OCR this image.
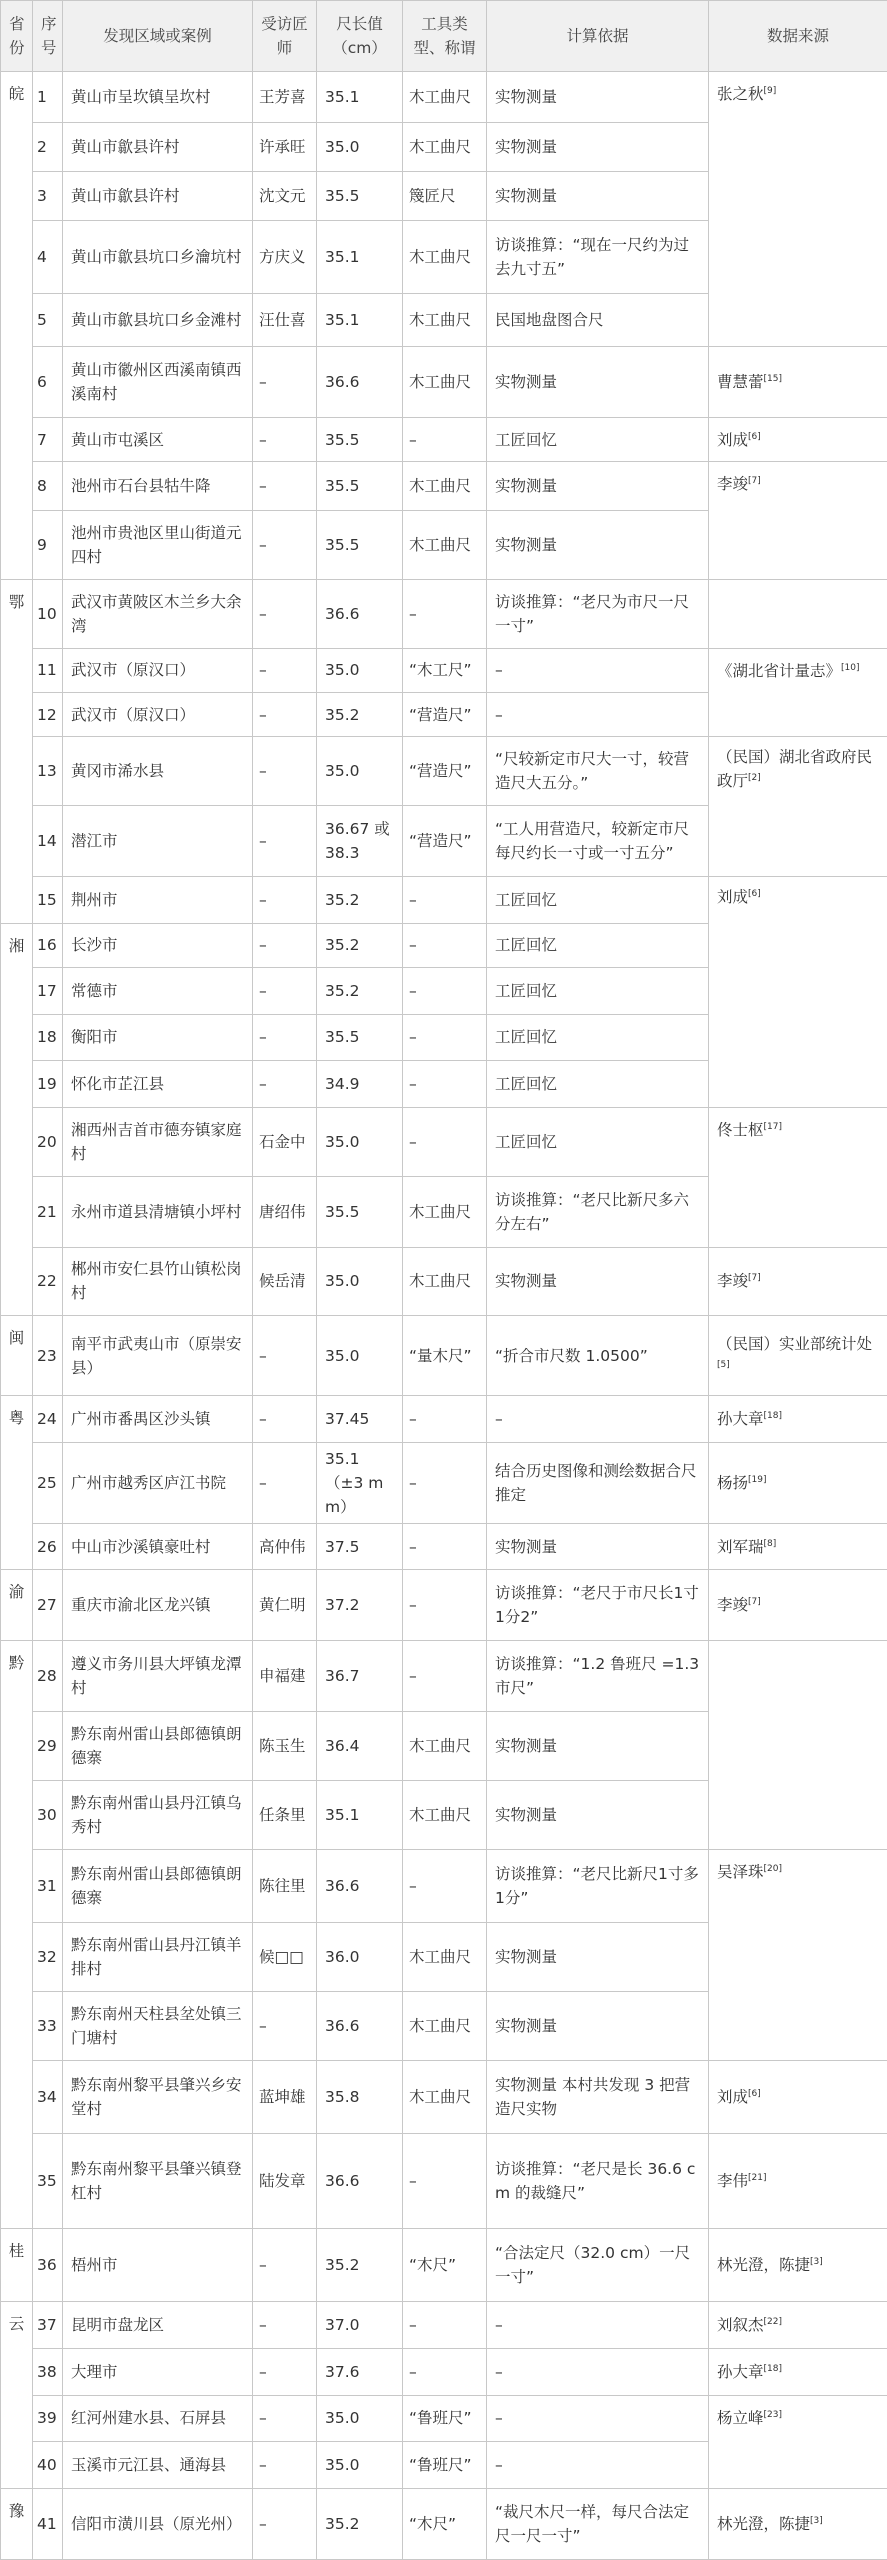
省份	序号	发现区域或案例	受访匠师	尺长值（cm）	工具类型、称谓	计算依据	数据来源
皖	1	黄山市呈坎镇呈坎村	王芳喜	35.1	木工曲尺	实物测量	张之秋[9]
	2	黄山市歙县许村	许承旺	35.0	木工曲尺	实物测量	
	3	黄山市歙县许村	沈文元	35.5	篾匠尺	实物测量	
	4	黄山市歙县坑口乡瀹坑村	方庆义	35.1	木工曲尺	访谈推算：“现在一尺约为过去九寸五”	
	5	黄山市歙县坑口乡金滩村	汪仕喜	35.1	木工曲尺	民国地盘图合尺	
	6	黄山市徽州区西溪南镇西溪南村	–	36.6	木工曲尺	实物测量	曹慧蕾[15]
	7	黄山市屯溪区	–	35.5	–	工匠回忆	刘成[6]
	8	池州市石台县牯牛降	–	35.5	木工曲尺	实物测量	李竣[7]
	9	池州市贵池区里山街道元四村	–	35.5	木工曲尺	实物测量	
鄂	10	武汉市黄陂区木兰乡大余湾	–	36.6	–	访谈推算：“老尺为市尺一尺一寸”	
	11	武汉市（原汉口）	–	35.0	“木工尺”	–	《湖北省计量志》[10]
	12	武汉市（原汉口）	–	35.2	“营造尺”	–	
	13	黄冈市浠水县	–	35.0	“营造尺”	“尺较新定市尺大一寸，较营造尺大五分。”	（民国）湖北省政府民政厅[2]
	14	潜江市	–	36.67 或38.3	“营造尺”	“工人用营造尺，较新定市尺每尺约长一寸或一寸五分”	
	15	荆州市	–	35.2	–	工匠回忆	刘成[6]
湘	16	长沙市	–	35.2	–	工匠回忆	
	17	常德市	–	35.2	–	工匠回忆	
	18	衡阳市	–	35.5	–	工匠回忆	
	19	怀化市芷江县	–	34.9	–	工匠回忆	
	20	湘西州吉首市德夯镇家庭村	石金中	35.0	–	工匠回忆	佟士枢[17]
	21	永州市道县清塘镇小坪村	唐绍伟	35.5	木工曲尺	访谈推算：“老尺比新尺多六分左右”	
	22	郴州市安仁县竹山镇松岗村	候岳清	35.0	木工曲尺	实物测量	李竣[7]
闽	23	南平市武夷山市（原崇安县）	–	35.0	“量木尺”	“折合市尺数 1.0500”	（民国）实业部统计处[5]
粤	24	广州市番禺区沙头镇	–	37.45	–	–	孙大章[18]
	25	广州市越秀区庐江书院	–	35.1（±3 mm）	–	结合历史图像和测绘数据合尺推定	杨扬[19]
	26	中山市沙溪镇豪吐村	高仲伟	37.5	–	实物测量	刘军瑞[8]
渝	27	重庆市渝北区龙兴镇	黄仁明	37.2	–	访谈推算：“老尺于市尺长1寸1分2”	李竣[7]
黔	28	遵义市务川县大坪镇龙潭村	申福建	36.7	–	访谈推算：“1.2 鲁班尺 =1.3 市尺”	
	29	黔东南州雷山县郎德镇朗德寨	陈玉生	36.4	木工曲尺	实物测量	
	30	黔东南州雷山县丹江镇乌秀村	任条里	35.1	木工曲尺	实物测量	
	31	黔东南州雷山县郎德镇朗德寨	陈往里	36.6	–	访谈推算：“老尺比新尺1寸多1分”	吴泽珠[20]
	32	黔东南州雷山县丹江镇羊排村	候□□	36.0	木工曲尺	实物测量	
	33	黔东南州天柱县坌处镇三门塘村	–	36.6	木工曲尺	实物测量	
	34	黔东南州黎平县肇兴乡安堂村	蓝坤雄	35.8	木工曲尺	实物测量 本村共发现 3 把营造尺实物	刘成[6]
	35	黔东南州黎平县肇兴镇登杠村	陆发章	36.6	–	访谈推算：“老尺是长 36.6 cm 的裁缝尺”	李伟[21]
桂	36	梧州市	–	35.2	“木尺”	“合法定尺（32.0 cm）一尺一寸”	林光澄，陈捷[3]
云	37	昆明市盘龙区	–	37.0	–	–	刘叙杰[22]
	38	大理市	–	37.6	–	–	孙大章[18]
	39	红河州建水县、石屏县	–	35.0	“鲁班尺”	–	杨立峰[23]
	40	玉溪市元江县、通海县	–	35.0	“鲁班尺”	–	
豫	41	信阳市潢川县（原光州）	–	35.2	“木尺”	“裁尺木尺一样，每尺合法定尺一尺一寸”	林光澄，陈捷[3]
